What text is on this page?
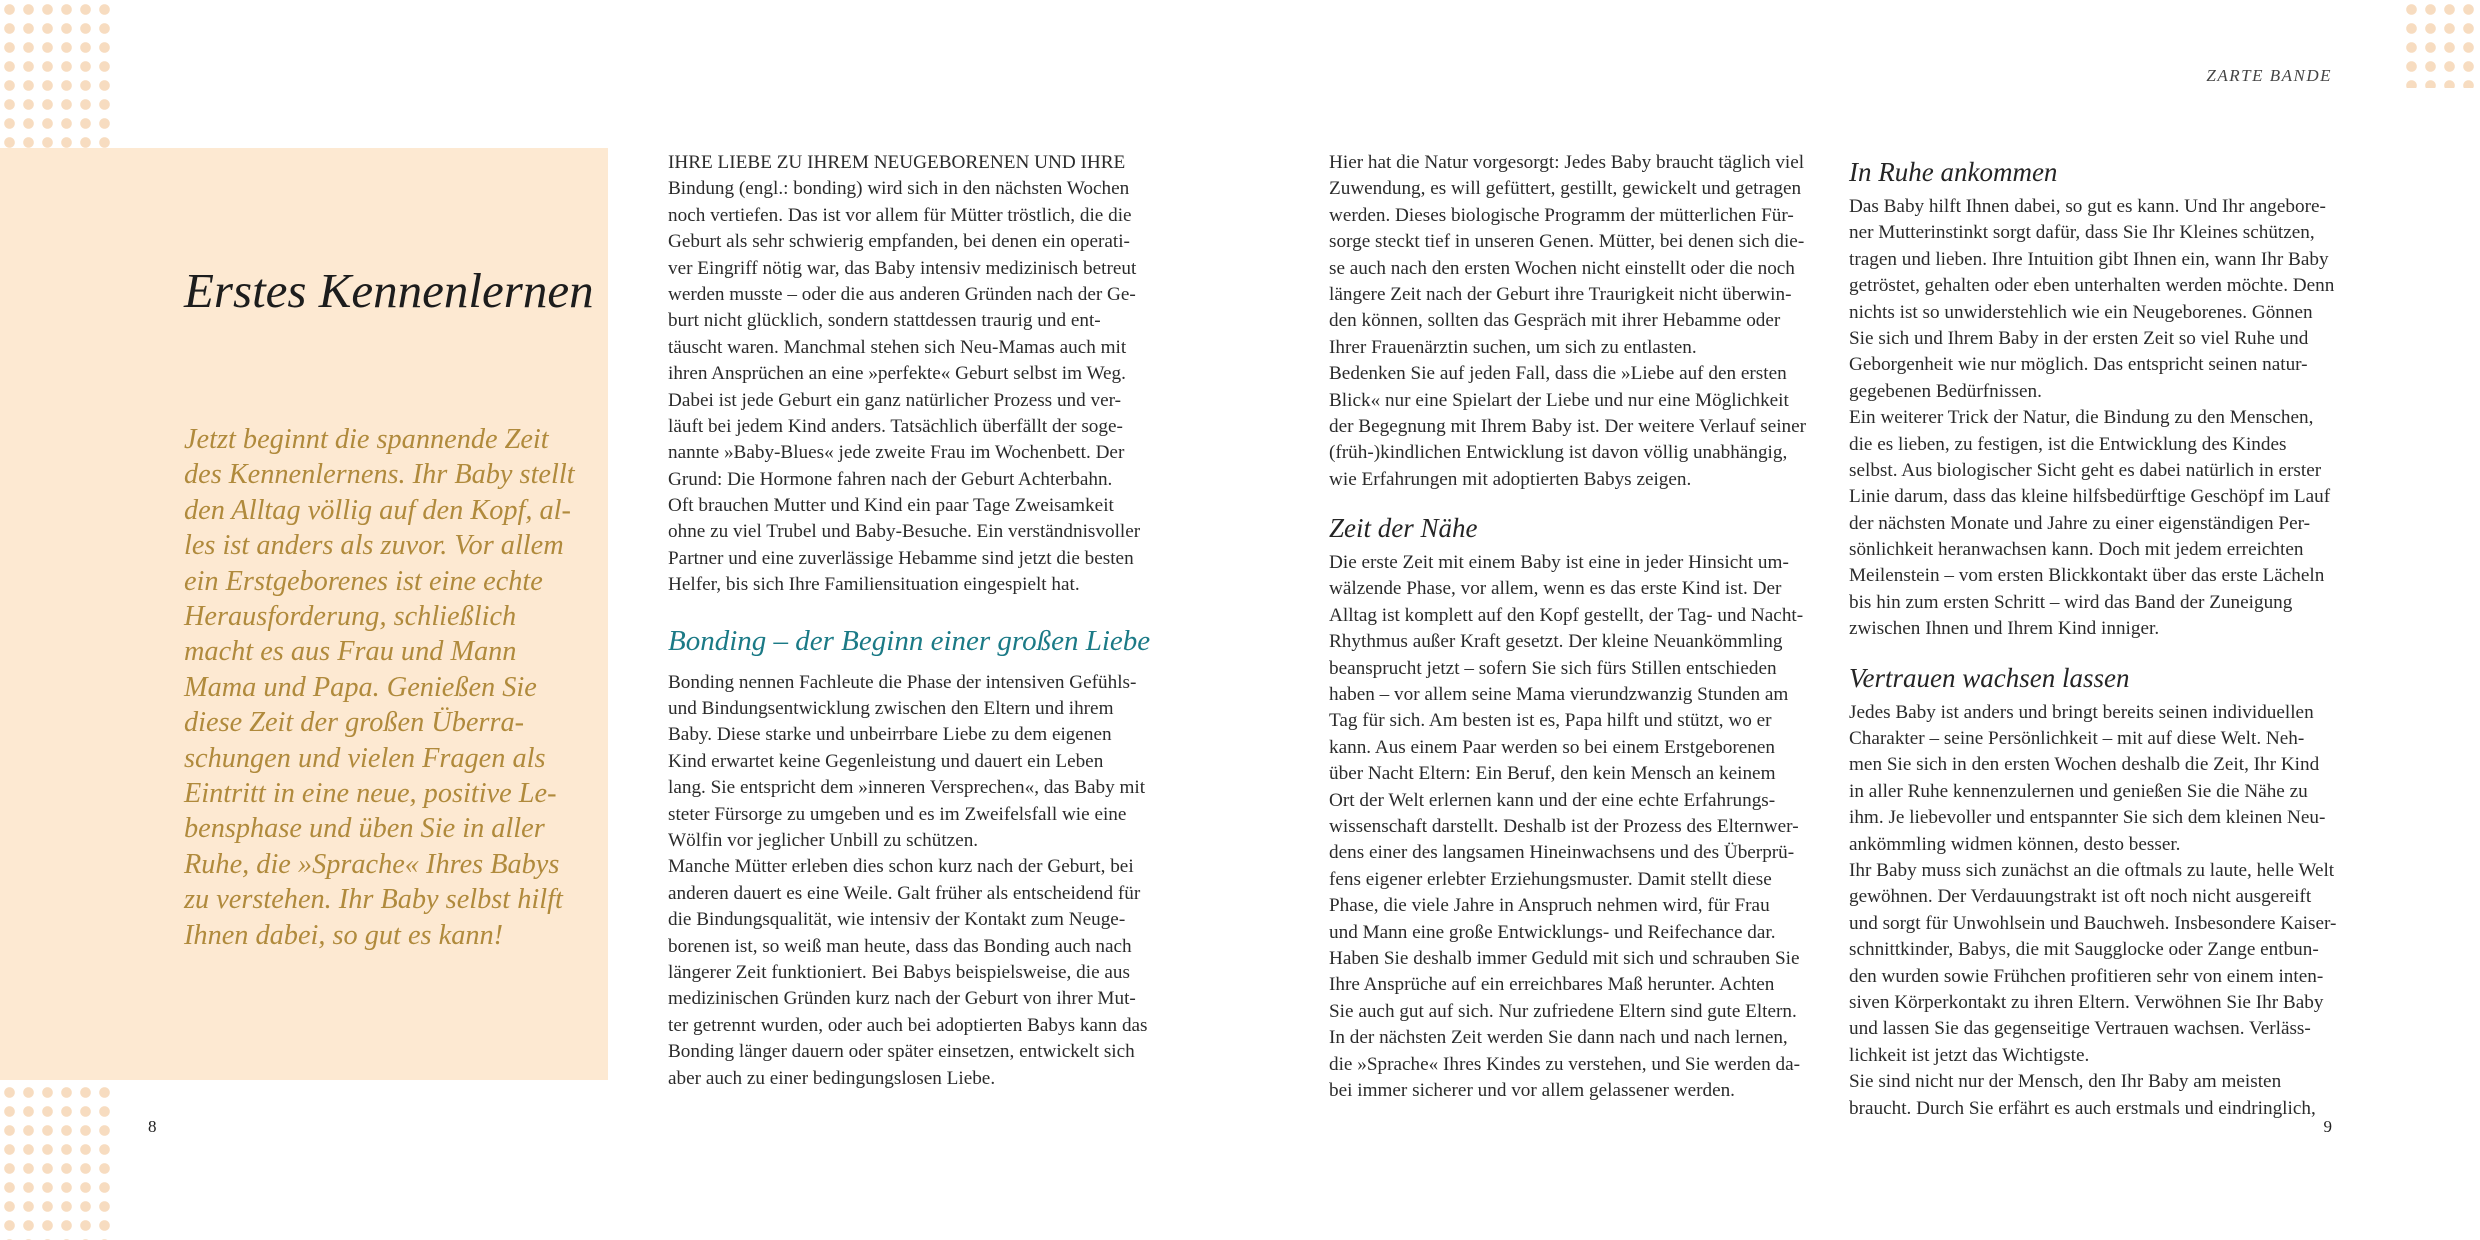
Erstes Kennenlernen
Jetzt beginnt die spannende Zeit
des Kennenlernens. Ihr Baby stellt
den Alltag völlig auf den Kopf, al-
les ist anders als zuvor. Vor allem
ein Erstgeborenes ist eine echte
Herausforderung, schließlich
macht es aus Frau und Mann
Mama und Papa. Genießen Sie
diese Zeit der großen Überra-
schungen und vielen Fragen als
Eintritt in eine neue, positive Le-
bensphase und üben Sie in aller
Ruhe, die »Sprache« Ihres Babys
zu verstehen. Ihr Baby selbst hilft
Ihnen dabei, so gut es kann!

IHRE LIEBE ZU IHREM NEUGEBORENEN UND IHRE
Bindung (engl.: bonding) wird sich in den nächsten Wochen
noch vertiefen. Das ist vor allem für Mütter tröstlich, die die
Geburt als sehr schwierig empfanden, bei denen ein operati-
ver Eingriff nötig war, das Baby intensiv medizinisch betreut
werden musste – oder die aus anderen Gründen nach der Ge-
burt nicht glücklich, sondern stattdessen traurig und ent-
täuscht waren. Manchmal stehen sich Neu-Mamas auch mit
ihren Ansprüchen an eine »perfekte« Geburt selbst im Weg.
Dabei ist jede Geburt ein ganz natürlicher Prozess und ver-
läuft bei jedem Kind anders. Tatsächlich überfällt der soge-
nannte »Baby-Blues« jede zweite Frau im Wochenbett. Der
Grund: Die Hormone fahren nach der Geburt Achterbahn.
Oft brauchen Mutter und Kind ein paar Tage Zweisamkeit
ohne zu viel Trubel und Baby-Besuche. Ein verständnisvoller
Partner und eine zuverlässige Hebamme sind jetzt die besten
Helfer, bis sich Ihre Familiensituation eingespielt hat.

Bonding – der Beginn einer großen Liebe

Bonding nennen Fachleute die Phase der intensiven Gefühls-
und Bindungsentwicklung zwischen den Eltern und ihrem
Baby. Diese starke und unbeirrbare Liebe zu dem eigenen
Kind erwartet keine Gegenleistung und dauert ein Leben
lang. Sie entspricht dem »inneren Versprechen«, das Baby mit
steter Fürsorge zu umgeben und es im Zweifelsfall wie eine
Wölfin vor jeglicher Unbill zu schützen.
Manche Mütter erleben dies schon kurz nach der Geburt, bei
anderen dauert es eine Weile. Galt früher als entscheidend für
die Bindungsqualität, wie intensiv der Kontakt zum Neuge-
borenen ist, so weiß man heute, dass das Bonding auch nach
längerer Zeit funktioniert. Bei Babys beispielsweise, die aus
medizinischen Gründen kurz nach der Geburt von ihrer Mut-
ter getrennt wurden, oder auch bei adoptierten Babys kann das
Bonding länger dauern oder später einsetzen, entwickelt sich
aber auch zu einer bedingungslosen Liebe.

Hier hat die Natur vorgesorgt: Jedes Baby braucht täglich viel
Zuwendung, es will gefüttert, gestillt, gewickelt und getragen
werden. Dieses biologische Programm der mütterlichen Für-
sorge steckt tief in unseren Genen. Mütter, bei denen sich die-
se auch nach den ersten Wochen nicht einstellt oder die noch
längere Zeit nach der Geburt ihre Traurigkeit nicht überwin-
den können, sollten das Gespräch mit ihrer Hebamme oder
Ihrer Frauenärztin suchen, um sich zu entlasten.
Bedenken Sie auf jeden Fall, dass die »Liebe auf den ersten
Blick« nur eine Spielart der Liebe und nur eine Möglichkeit
der Begegnung mit Ihrem Baby ist. Der weitere Verlauf seiner
(früh-)kindlichen Entwicklung ist davon völlig unabhängig,
wie Erfahrungen mit adoptierten Babys zeigen.

Zeit der Nähe

Die erste Zeit mit einem Baby ist eine in jeder Hinsicht um-
wälzende Phase, vor allem, wenn es das erste Kind ist. Der
Alltag ist komplett auf den Kopf gestellt, der Tag- und Nacht-
Rhythmus außer Kraft gesetzt. Der kleine Neuankömmling
beansprucht jetzt – sofern Sie sich fürs Stillen entschieden
haben – vor allem seine Mama vierundzwanzig Stunden am
Tag für sich. Am besten ist es, Papa hilft und stützt, wo er
kann. Aus einem Paar werden so bei einem Erstgeborenen
über Nacht Eltern: Ein Beruf, den kein Mensch an keinem
Ort der Welt erlernen kann und der eine echte Erfahrungs-
wissenschaft darstellt. Deshalb ist der Prozess des Elternwer-
dens einer des langsamen Hineinwachsens und des Überprü-
fens eigener erlebter Erziehungsmuster. Damit stellt diese
Phase, die viele Jahre in Anspruch nehmen wird, für Frau
und Mann eine große Entwicklungs- und Reifechance dar.
Haben Sie deshalb immer Geduld mit sich und schrauben Sie
Ihre Ansprüche auf ein erreichbares Maß herunter. Achten
Sie auch gut auf sich. Nur zufriedene Eltern sind gute Eltern.
In der nächsten Zeit werden Sie dann nach und nach lernen,
die »Sprache« Ihres Kindes zu verstehen, und Sie werden da-
bei immer sicherer und vor allem gelassener werden.

In Ruhe ankommen

Das Baby hilft Ihnen dabei, so gut es kann. Und Ihr angebore-
ner Mutterinstinkt sorgt dafür, dass Sie Ihr Kleines schützen,
tragen und lieben. Ihre Intuition gibt Ihnen ein, wann Ihr Baby
getröstet, gehalten oder eben unterhalten werden möchte. Denn
nichts ist so unwiderstehlich wie ein Neugeborenes. Gönnen
Sie sich und Ihrem Baby in der ersten Zeit so viel Ruhe und
Geborgenheit wie nur möglich. Das entspricht seinen natur-
gegebenen Bedürfnissen.
Ein weiterer Trick der Natur, die Bindung zu den Menschen,
die es lieben, zu festigen, ist die Entwicklung des Kindes
selbst. Aus biologischer Sicht geht es dabei natürlich in erster
Linie darum, dass das kleine hilfsbedürftige Geschöpf im Lauf
der nächsten Monate und Jahre zu einer eigenständigen Per-
sönlichkeit heranwachsen kann. Doch mit jedem erreichten
Meilenstein – vom ersten Blickkontakt über das erste Lächeln
bis hin zum ersten Schritt – wird das Band der Zuneigung
zwischen Ihnen und Ihrem Kind inniger.

Vertrauen wachsen lassen

Jedes Baby ist anders und bringt bereits seinen individuellen
Charakter – seine Persönlichkeit – mit auf diese Welt. Neh-
men Sie sich in den ersten Wochen deshalb die Zeit, Ihr Kind
in aller Ruhe kennenzulernen und genießen Sie die Nähe zu
ihm. Je liebevoller und entspannter Sie sich dem kleinen Neu-
ankömmling widmen können, desto besser.
Ihr Baby muss sich zunächst an die oftmals zu laute, helle Welt
gewöhnen. Der Verdauungstrakt ist oft noch nicht ausgereift
und sorgt für Unwohlsein und Bauchweh. Insbesondere Kaiser-
schnittkinder, Babys, die mit Saugglocke oder Zange entbun-
den wurden sowie Frühchen profitieren sehr von einem inten-
siven Körperkontakt zu ihren Eltern. Verwöhnen Sie Ihr Baby
und lassen Sie das gegenseitige Vertrauen wachsen. Verläss-
lichkeit ist jetzt das Wichtigste.
Sie sind nicht nur der Mensch, den Ihr Baby am meisten
braucht. Durch Sie erfährt es auch erstmals und eindringlich,

ZARTE BANDE

8	9
